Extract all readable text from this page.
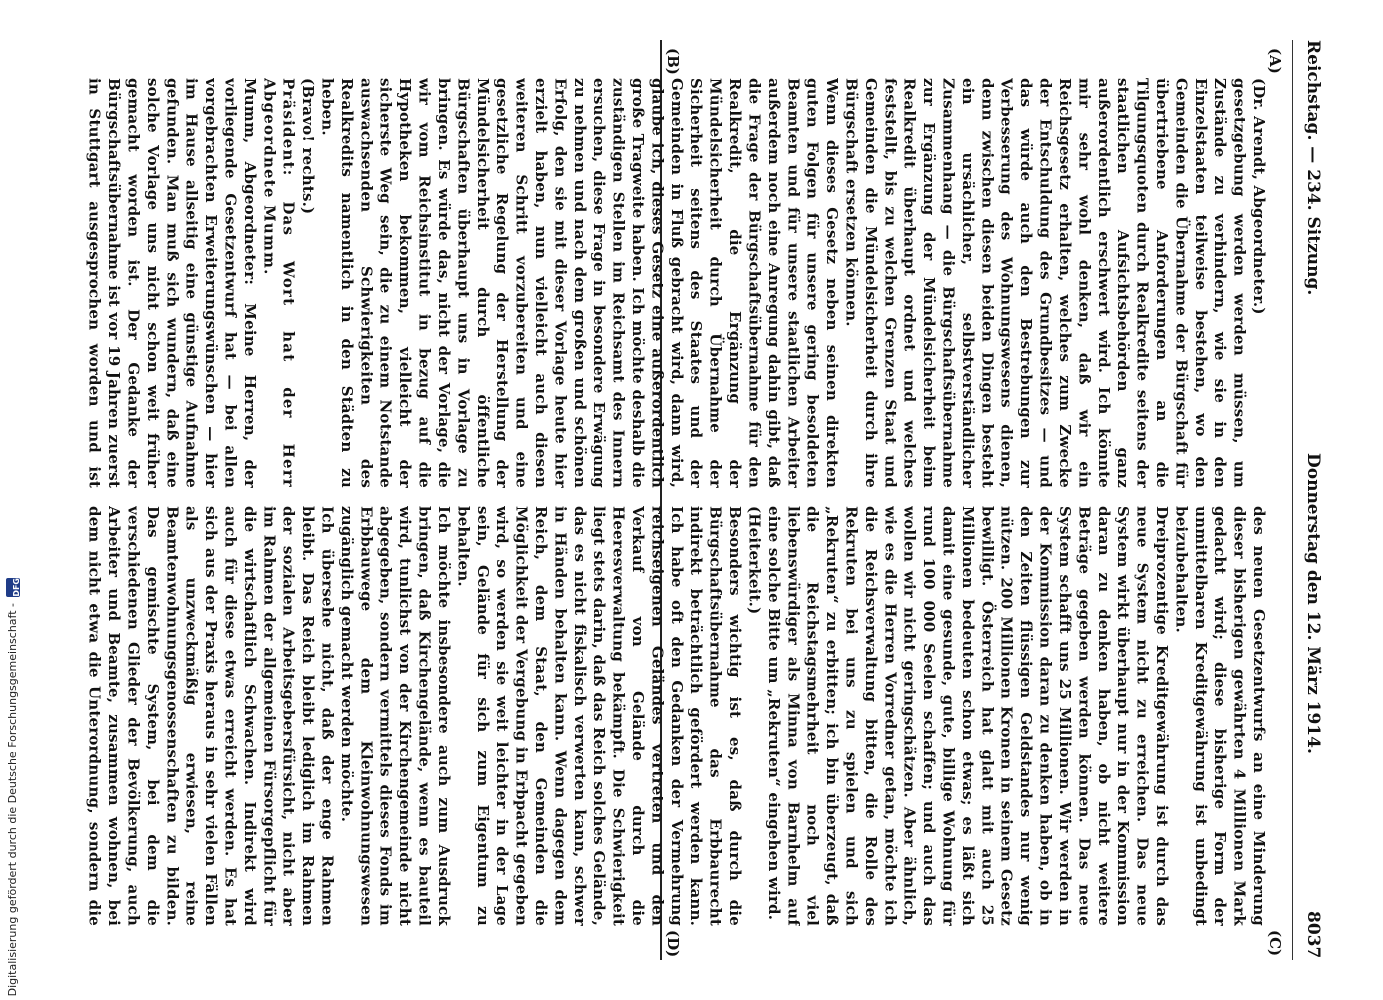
Reichstag. — 234. Sitzung.
Donnerstag den 12. März 1914.
8037
(A)
(B)
(C)
(D)
(Dr. Arendt, Abgeordneter.)
gesetzgebung werden werden müssen, um Zustände zu verhindern, wie sie in den Einzelstaaten teilweise bestehen, wo den Gemeinden die Übernahme der Bürgschaft für übertriebene Anforderungen an die Tilgungsquoten durch Realkredite seitens der staatlichen Aufsichtsbehörden ganz außerordentlich erschwert wird. Ich könnte mir sehr wohl denken, daß wir ein Reichsgesetz erhalten, welches zum Zwecke der Entschuldung des Grundbesitzes — und das würde auch den Bestrebungen zur Verbesserung des Wohnungswesens dienen, denn zwischen diesen beiden Dingen besteht ein ursächlicher, selbstverständlicher Zusammenhang — die Bürgschaftsübernahme zur Ergänzung der Mündelsicherheit beim Realkredit überhaupt ordnet und welches feststellt, bis zu welchen Grenzen Staat und Gemeinden die Mündelsicherheit durch ihre Bürgschaft ersetzen können.
Wenn dieses Gesetz neben seinen direkten guten Folgen für unsere gering besoldeten Beamten und für unsere staatlichen Arbeiter außerdem noch eine Anregung dahin gibt, daß die Frage der Bürgschaftsübernahme für den Realkredit, die Ergänzung der Mündelsicherheit durch Übernahme der Sicherheit seitens des Staates und der Gemeinden in Fluß gebracht wird, dann wird, glaube ich, dieses Gesetz eine außerordentlich große Tragweite haben. Ich möchte deshalb die zuständigen Stellen im Reichsamt des Innern ersuchen, diese Frage in besondere Erwägung zu nehmen und nach dem großen und schönen Erfolg, den sie mit dieser Vorlage heute hier erzielt haben, nun vielleicht auch diesen weiteren Schritt vorzubereiten und eine gesetzliche Regelung der Herstellung der Mündelsicherheit durch öffentliche Bürgschaften überhaupt uns in Vorlage zu bringen. Es würde das, nicht der Vorlage, die wir vom Reichsinstitut in bezug auf die Hypotheken bekommen, vielleicht der sicherste Weg sein, die zu einem Notstande auswachsenden Schwierigkeiten des Realkredits namentlich in den Städten zu heben.
(Bravo! rechts.)
Präsident: Das Wort hat der Herr Abgeordnete Mumm.
Mumm, Abgeordneter: Meine Herren, der vorliegende Gesetzentwurf hat — bei allen vorgebrachten Erweiterungswünschen — hier im Hause allseitig eine günstige Aufnahme gefunden. Man muß sich wundern, daß eine solche Vorlage uns nicht schon weit früher gemacht worden ist. Der Gedanke der Bürgschaftsübernahme ist vor 19 Jahren zuerst in Stuttgart ausgesprochen worden und ist
des neuen Gesetzentwurfs an eine Minderung dieser bisherigen gewährten 4 Millionen Mark gedacht wird; diese bisherige Form der unmittelbaren Kreditgewährung ist unbedingt beizubehalten.
Dreiprozentige Kreditgewährung ist durch das neue System nicht zu erreichen. Das neue System wirkt überhaupt nur in der Kommission daran zu denken haben, ob nicht weitere Beträge gegeben werden können. Das neue System schafft uns 25 Millionen. Wir werden in der Kommission daran zu denken haben, ob in den Zeiten flüssigen Geldstandes nur wenig nützen. 200 Millionen Kronen in seinem Gesetz bewilligt. Österreich hat glatt mit auch 25 Millionen bedeuten schon etwas; es läßt sich damit eine gesunde, gute, billige Wohnung für rund 100 000 Seelen schaffen; und auch das wollen wir nicht geringschätzen. Aber ähnlich, wie es die Herren Vorredner getan, möchte ich die Reichsverwaltung bitten, die Rolle des Rekruten bei uns zu spielen und sich „Rekruten“ zu erbitten; ich bin überzeugt, daß die Reichstagsmehrheit noch viel liebenswürdiger als Minna von Barnhelm auf eine solche Bitte um „Rekruten“ eingehen wird.
(Heiterkeit.)
Besonders wichtig ist es, daß durch die Bürgschaftsübernahme das Erbbaurecht indirekt beträchtlich gefördert werden kann. Ich habe oft den Gedanken der Vermehrung reichseigenen Geländes vertreten und den Verkauf von Gelände durch die Heeresverwaltung bekämpft. Die Schwierigkeit liegt stets darin, daß das Reich solches Gelände, das es nicht fiskalisch verwerten kann, schwer in Händen behalten kann. Wenn dagegen dem Reich, dem Staat, den Gemeinden die Möglichkeit der Vergebung in Erbpacht gegeben wird, so werden sie weit leichter in der Lage sein, Gelände für sich zum Eigentum zu behalten.
Ich möchte insbesondere auch zum Ausdruck bringen, daß Kirchengelände, wenn es bauteil wird, tunlichst von der Kirchengemeinde nicht abgegeben, sondern vermittels dieses Fonds im Erbbauwege dem Kleinwohnungswesen zugänglich gemacht werden möchte.
Ich übersehe nicht, daß der enge Rahmen bleibt. Das Reich bleibt lediglich im Rahmen der sozialen Arbeitsgebersfürsicht, nicht aber im Rahmen der allgemeinen Fürsorgepflicht für die wirtschaftlich Schwachen. Indirekt wird auch für diese etwas erreicht werden. Es hat sich aus der Praxis heraus in sehr vielen Fällen als unzweckmäßig erwiesen, reine Beamtenwohnungsgenossenschaften zu bilden. Das gemischte System, bei dem die verschiedenen Glieder der Bevölkerung, auch Arbeiter und Beamte, zusammen wohnen, bei dem nicht etwa die Unterordnung, sondern die
Digitalisierung gefördert durch die Deutsche Forschungsgemeinschaft -
DFG
